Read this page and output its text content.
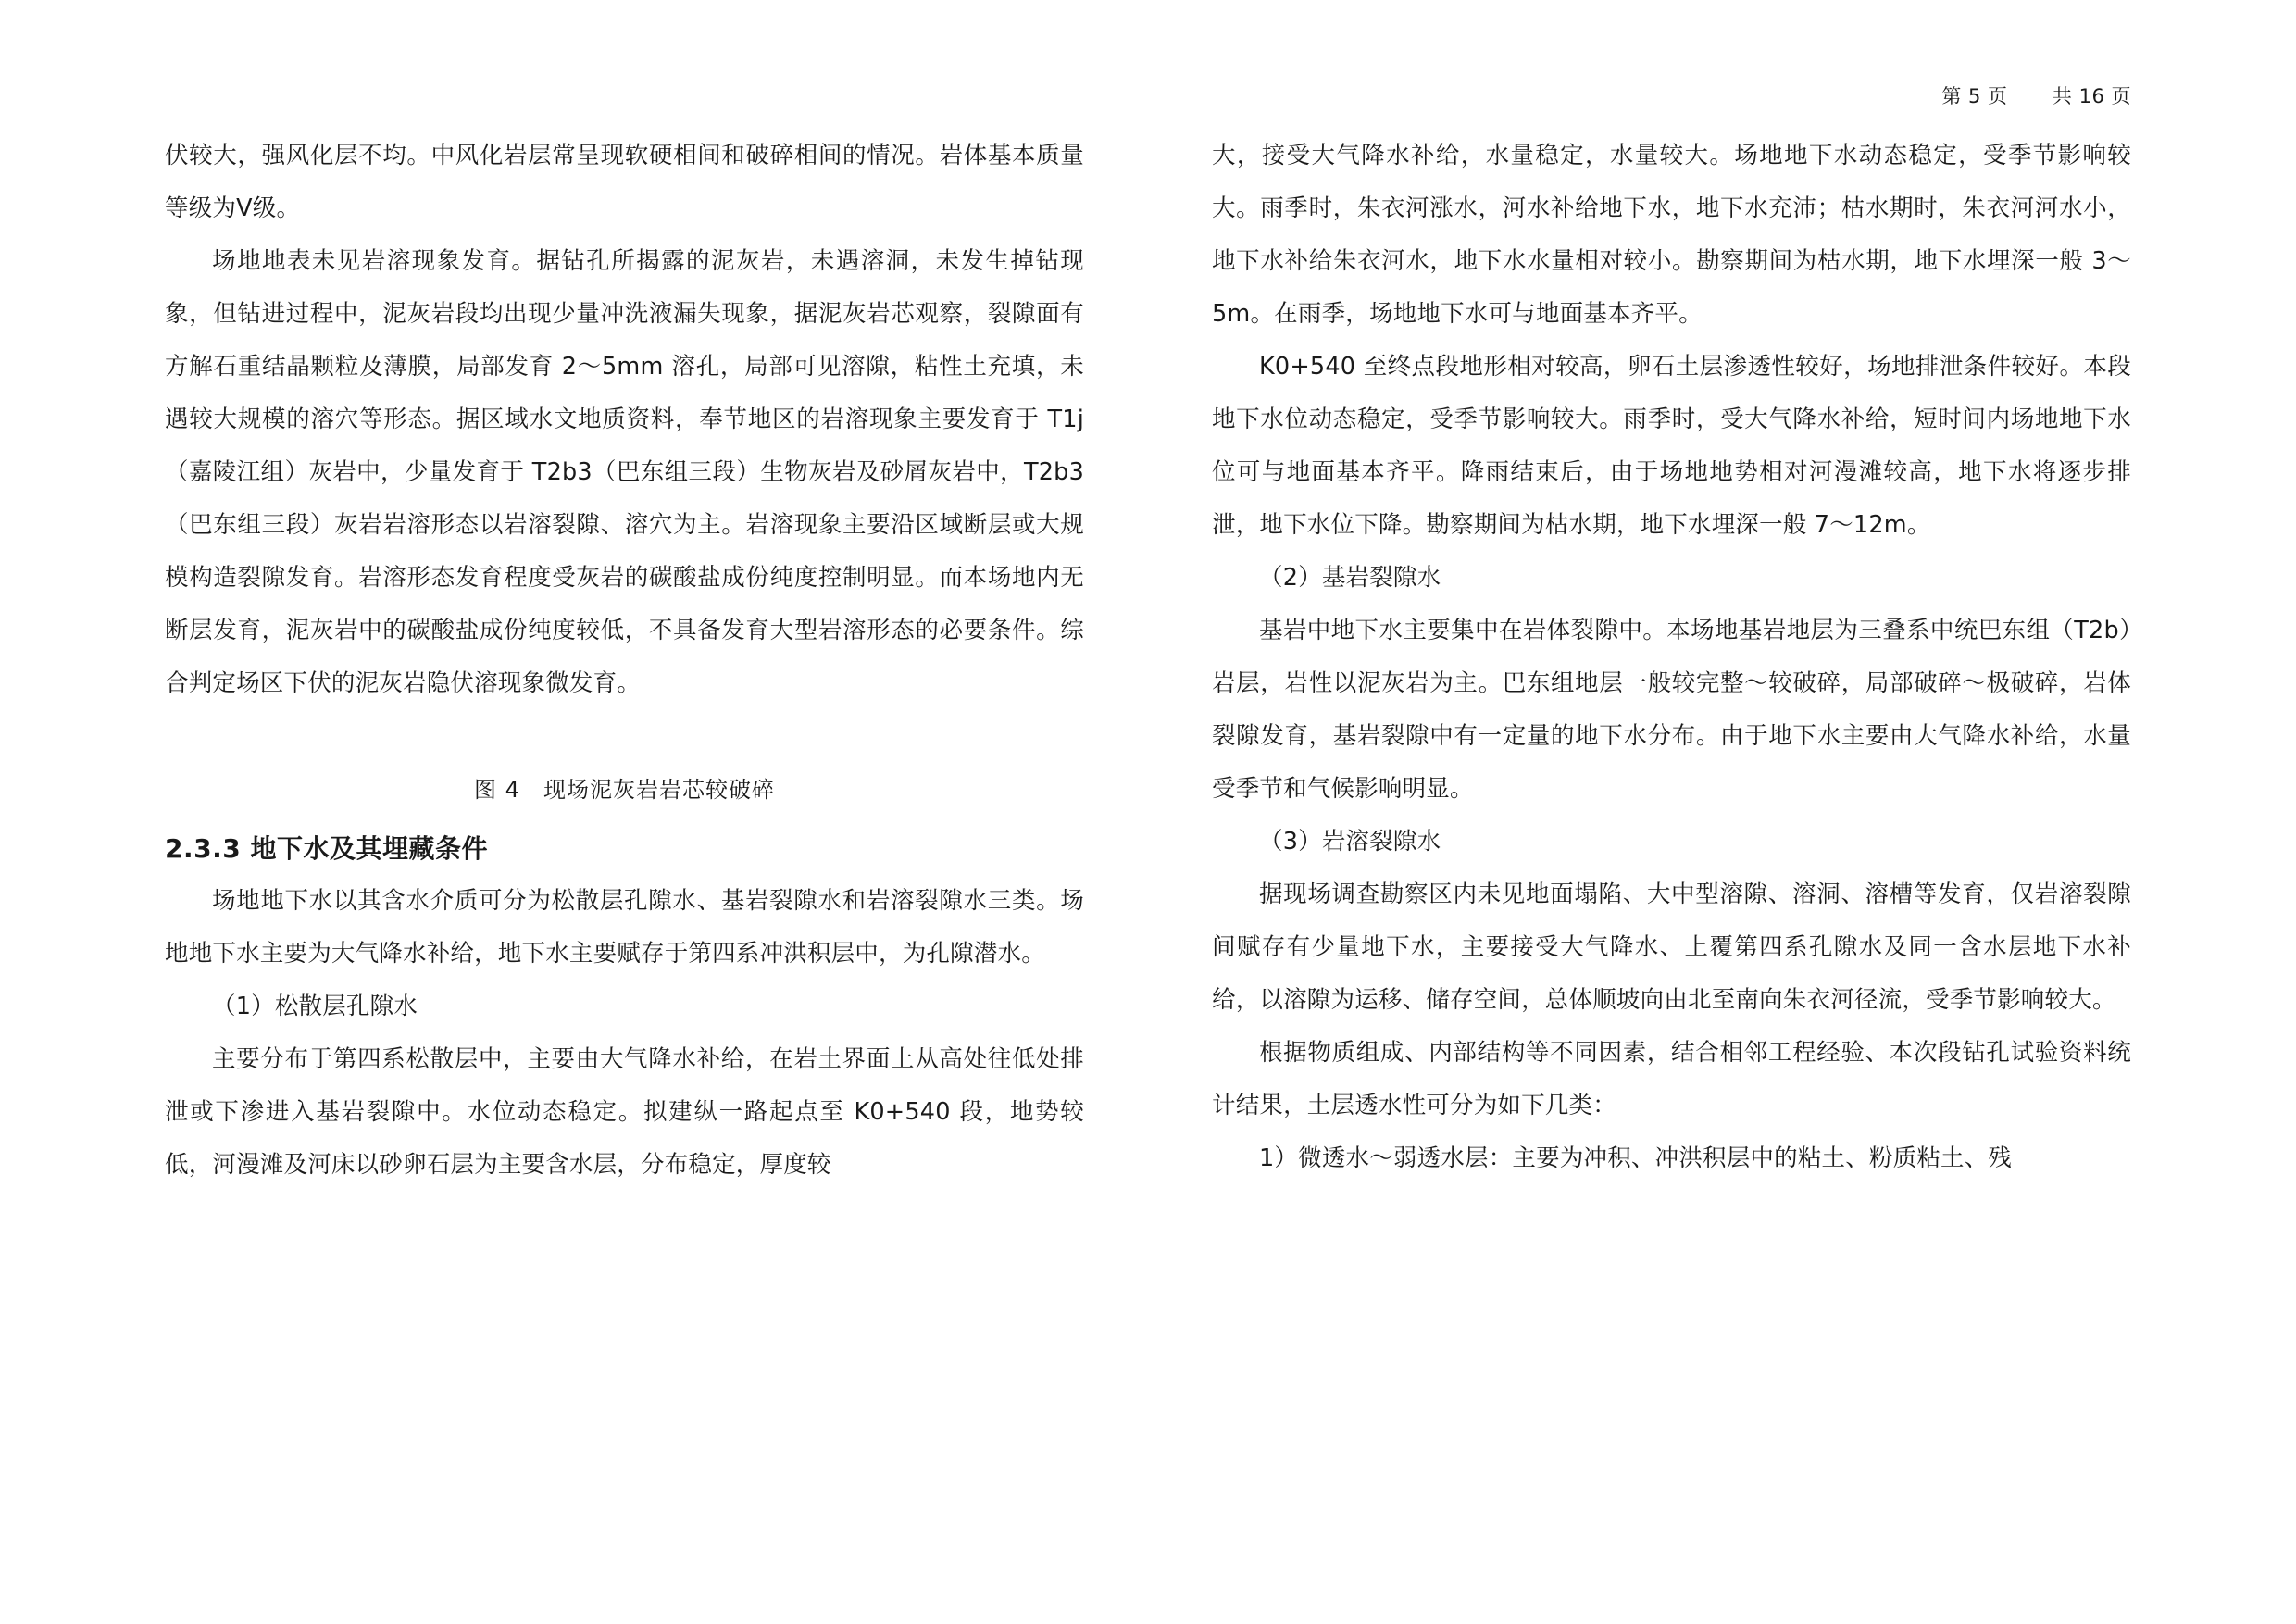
第 5 页 共 16 页

伏较大，强风化层不均。中风化岩层常呈现软硬相间和破碎相间的情况。岩体基本质量等级为Ⅴ级。

场地地表未见岩溶现象发育。据钻孔所揭露的泥灰岩，未遇溶洞，未发生掉钻现象，但钻进过程中，泥灰岩段均出现少量冲洗液漏失现象，据泥灰岩芯观察，裂隙面有方解石重结晶颗粒及薄膜，局部发育 2～5mm 溶孔，局部可见溶隙，粘性土充填，未遇较大规模的溶穴等形态。据区域水文地质资料，奉节地区的岩溶现象主要发育于 T1j（嘉陵江组）灰岩中，少量发育于 T2b3（巴东组三段）生物灰岩及砂屑灰岩中，T2b3（巴东组三段）灰岩岩溶形态以岩溶裂隙、溶穴为主。岩溶现象主要沿区域断层或大规模构造裂隙发育。岩溶形态发育程度受灰岩的碳酸盐成份纯度控制明显。而本场地内无断层发育，泥灰岩中的碳酸盐成份纯度较低，不具备发育大型岩溶形态的必要条件。综合判定场区下伏的泥灰岩隐伏溶现象微发育。

图 4　现场泥灰岩岩芯较破碎
2.3.3 地下水及其埋藏条件

场地地下水以其含水介质可分为松散层孔隙水、基岩裂隙水和岩溶裂隙水三类。场地地下水主要为大气降水补给，地下水主要赋存于第四系冲洪积层中，为孔隙潜水。

（1）松散层孔隙水

主要分布于第四系松散层中，主要由大气降水补给，在岩土界面上从高处往低处排泄或下渗进入基岩裂隙中。水位动态稳定。拟建纵一路起点至 K0+540 段，地势较低，河漫滩及河床以砂卵石层为主要含水层，分布稳定，厚度较

大，接受大气降水补给，水量稳定，水量较大。场地地下水动态稳定，受季节影响较大。雨季时，朱衣河涨水，河水补给地下水，地下水充沛；枯水期时，朱衣河河水小，地下水补给朱衣河水，地下水水量相对较小。勘察期间为枯水期，地下水埋深一般 3～5m。在雨季，场地地下水可与地面基本齐平。

K0+540 至终点段地形相对较高，卵石土层渗透性较好，场地排泄条件较好。本段地下水位动态稳定，受季节影响较大。雨季时，受大气降水补给，短时间内场地地下水位可与地面基本齐平。降雨结束后，由于场地地势相对河漫滩较高，地下水将逐步排泄，地下水位下降。勘察期间为枯水期，地下水埋深一般 7～12m。

（2）基岩裂隙水

基岩中地下水主要集中在岩体裂隙中。本场地基岩地层为三叠系中统巴东组（T2b）岩层，岩性以泥灰岩为主。巴东组地层一般较完整～较破碎，局部破碎～极破碎，岩体裂隙发育，基岩裂隙中有一定量的地下水分布。由于地下水主要由大气降水补给，水量受季节和气候影响明显。

（3）岩溶裂隙水

据现场调查勘察区内未见地面塌陷、大中型溶隙、溶洞、溶槽等发育，仅岩溶裂隙间赋存有少量地下水，主要接受大气降水、上覆第四系孔隙水及同一含水层地下水补给，以溶隙为运移、储存空间，总体顺坡向由北至南向朱衣河径流，受季节影响较大。

根据物质组成、内部结构等不同因素，结合相邻工程经验、本次段钻孔试验资料统计结果，土层透水性可分为如下几类：

1）微透水～弱透水层：主要为冲积、冲洪积层中的粘土、粉质粘土、残
